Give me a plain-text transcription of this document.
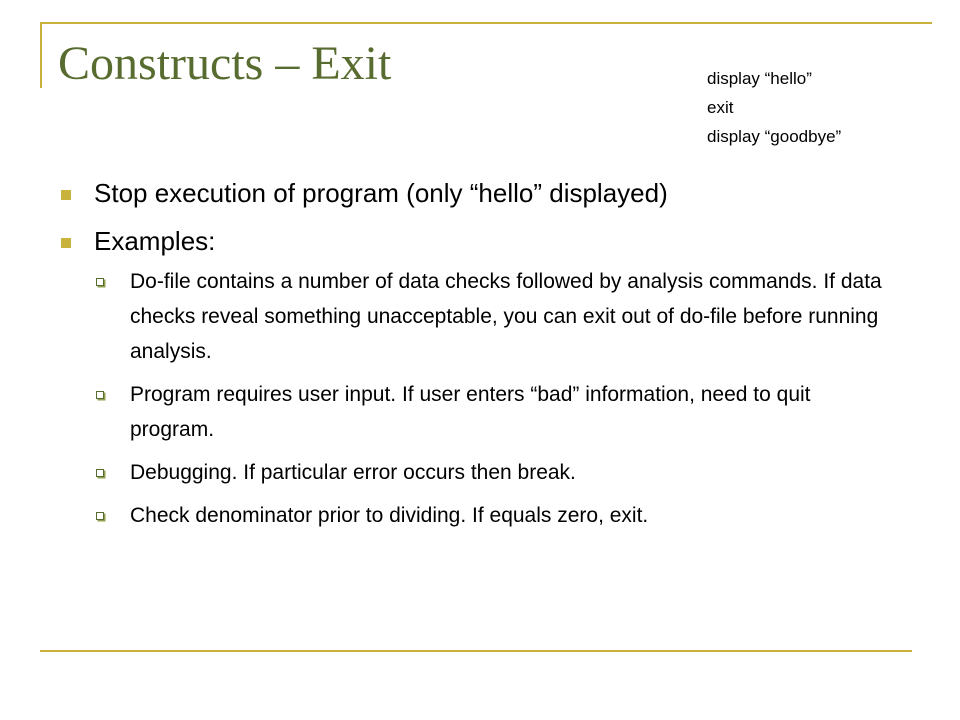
Constructs – Exit	display “hello”
exit
display “goodbye”
Stop execution of program (only “hello” displayed)
Examples:
Do-file contains a number of data checks followed by analysis commands. If data checks reveal something unacceptable, you can exit out of do-file before running analysis.
Program requires user input. If user enters “bad” information, need to quit program.
Debugging. If particular error occurs then break.
Check denominator prior to dividing. If equals zero, exit.
